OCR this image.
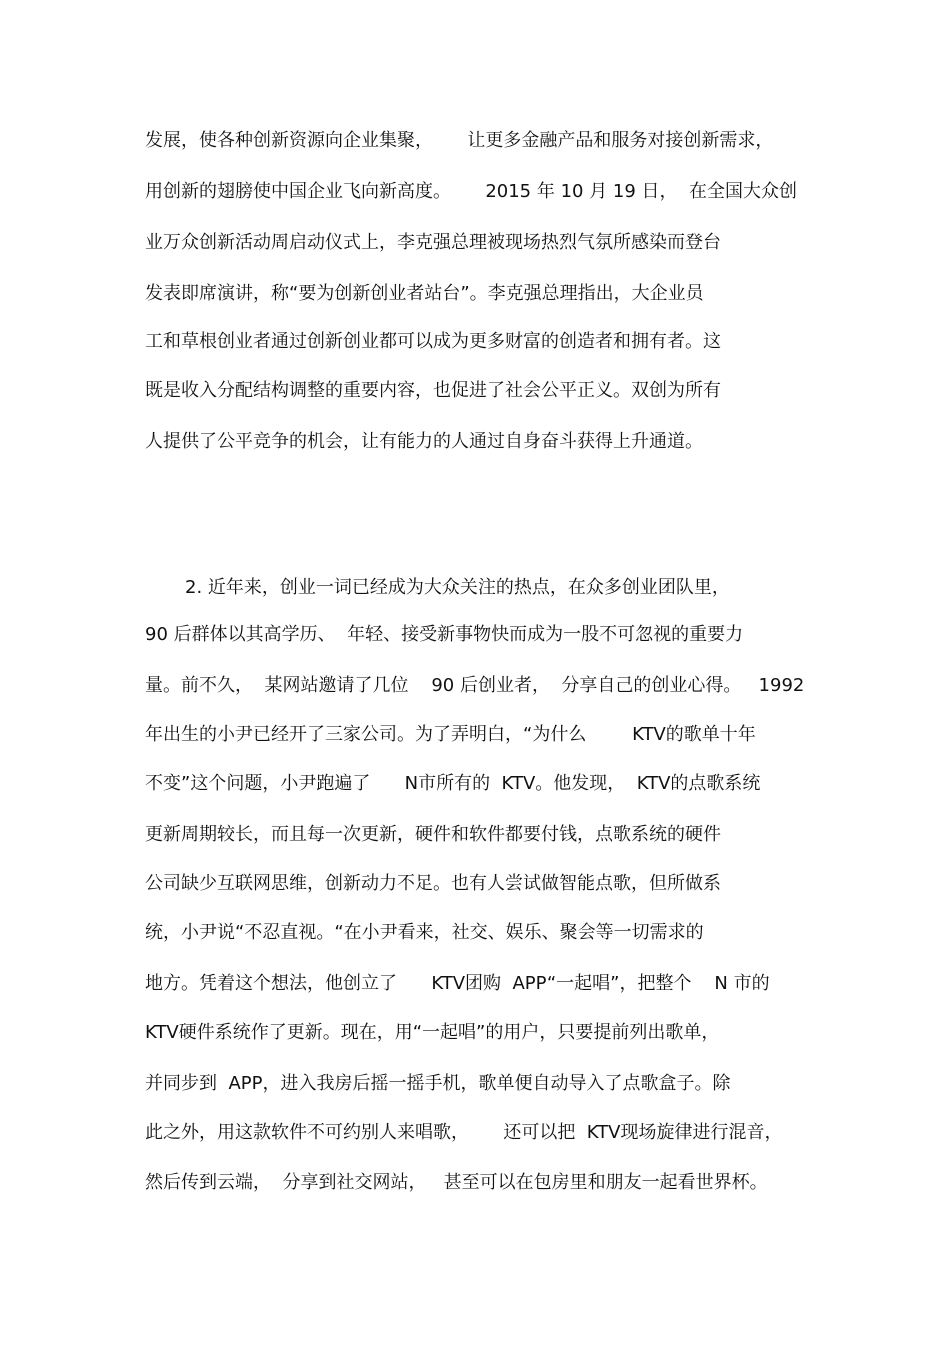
发展，使各种创新资源向企业集聚，      让更多金融产品和服务对接创新需求，

用创新的翅膀使中国企业飞向新高度。      2015 年 10 月 19 日，  在全国大众创

业万众创新活动周启动仪式上，李克强总理被现场热烈气氛所感染而登台

发表即席演讲，称“要为创新创业者站台”。李克强总理指出，大企业员

工和草根创业者通过创新创业都可以成为更多财富的创造者和拥有者。这

既是收入分配结构调整的重要内容，也促进了社会公平正义。双创为所有

人提供了公平竞争的机会，让有能力的人通过自身奋斗获得上升通道。

2. 近年来，创业一词已经成为大众关注的热点，在众多创业团队里，

90 后群体以其高学历、  年轻、接受新事物快而成为一股不可忽视的重要力

量。前不久，  某网站邀请了几位    90 后创业者，  分享自己的创业心得。   1992

年出生的小尹已经开了三家公司。为了弄明白，“为什么        KTV的歌单十年

不变”这个问题，小尹跑遍了      N市所有的  KTV。他发现，  KTV的点歌系统

更新周期较长，而且每一次更新，硬件和软件都要付钱，点歌系统的硬件

公司缺少互联网思维，创新动力不足。也有人尝试做智能点歌，但所做系

统，小尹说“不忍直视。“在小尹看来，社交、娱乐、聚会等一切需求的

地方。凭着这个想法，他创立了      KTV团购  APP“一起唱”，把整个    N 市的

KTV硬件系统作了更新。现在，用“一起唱”的用户，只要提前列出歌单，

并同步到  APP，进入我房后摇一摇手机，歌单便自动导入了点歌盒子。除

此之外，用这款软件不可约别人来唱歌，      还可以把  KTV现场旋律进行混音，

然后传到云端，  分享到社交网站，   甚至可以在包房里和朋友一起看世界杯。
